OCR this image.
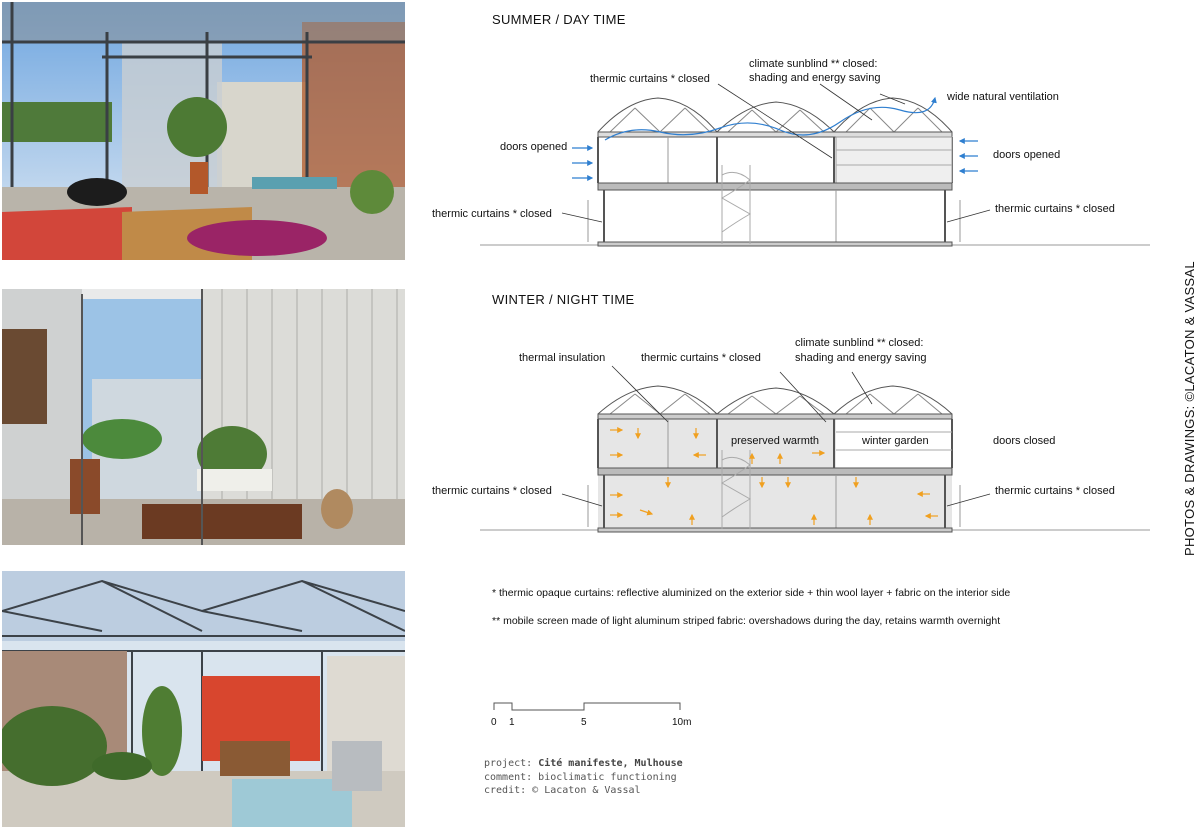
SUMMER / DAY TIME
thermic curtains * closed
climate sunblind ** closed:
shading and energy saving
wide natural ventilation
doors opened
doors opened
thermic curtains * closed	thermic curtains * closed
WINTER / NIGHT TIME
thermal insulation	thermic curtains * closed
climate sunblind ** closed:
shading and energy saving
preserved warmth	winter garden	doors closed
thermic curtains * closed	thermic curtains * closed
* thermic opaque curtains: reflective aluminized on the exterior side + thin wool layer + fabric on the interior side
** mobile screen made of light aluminum striped fabric: overshadows during the day, retains warmth overnight
0 1	5	10m
project: Cité manifeste, Mulhouse
comment: bioclimatic functioning
credit: © Lacaton & Vassal
PHOTOS & DRAWINGS: ©LACATON & VASSAL
